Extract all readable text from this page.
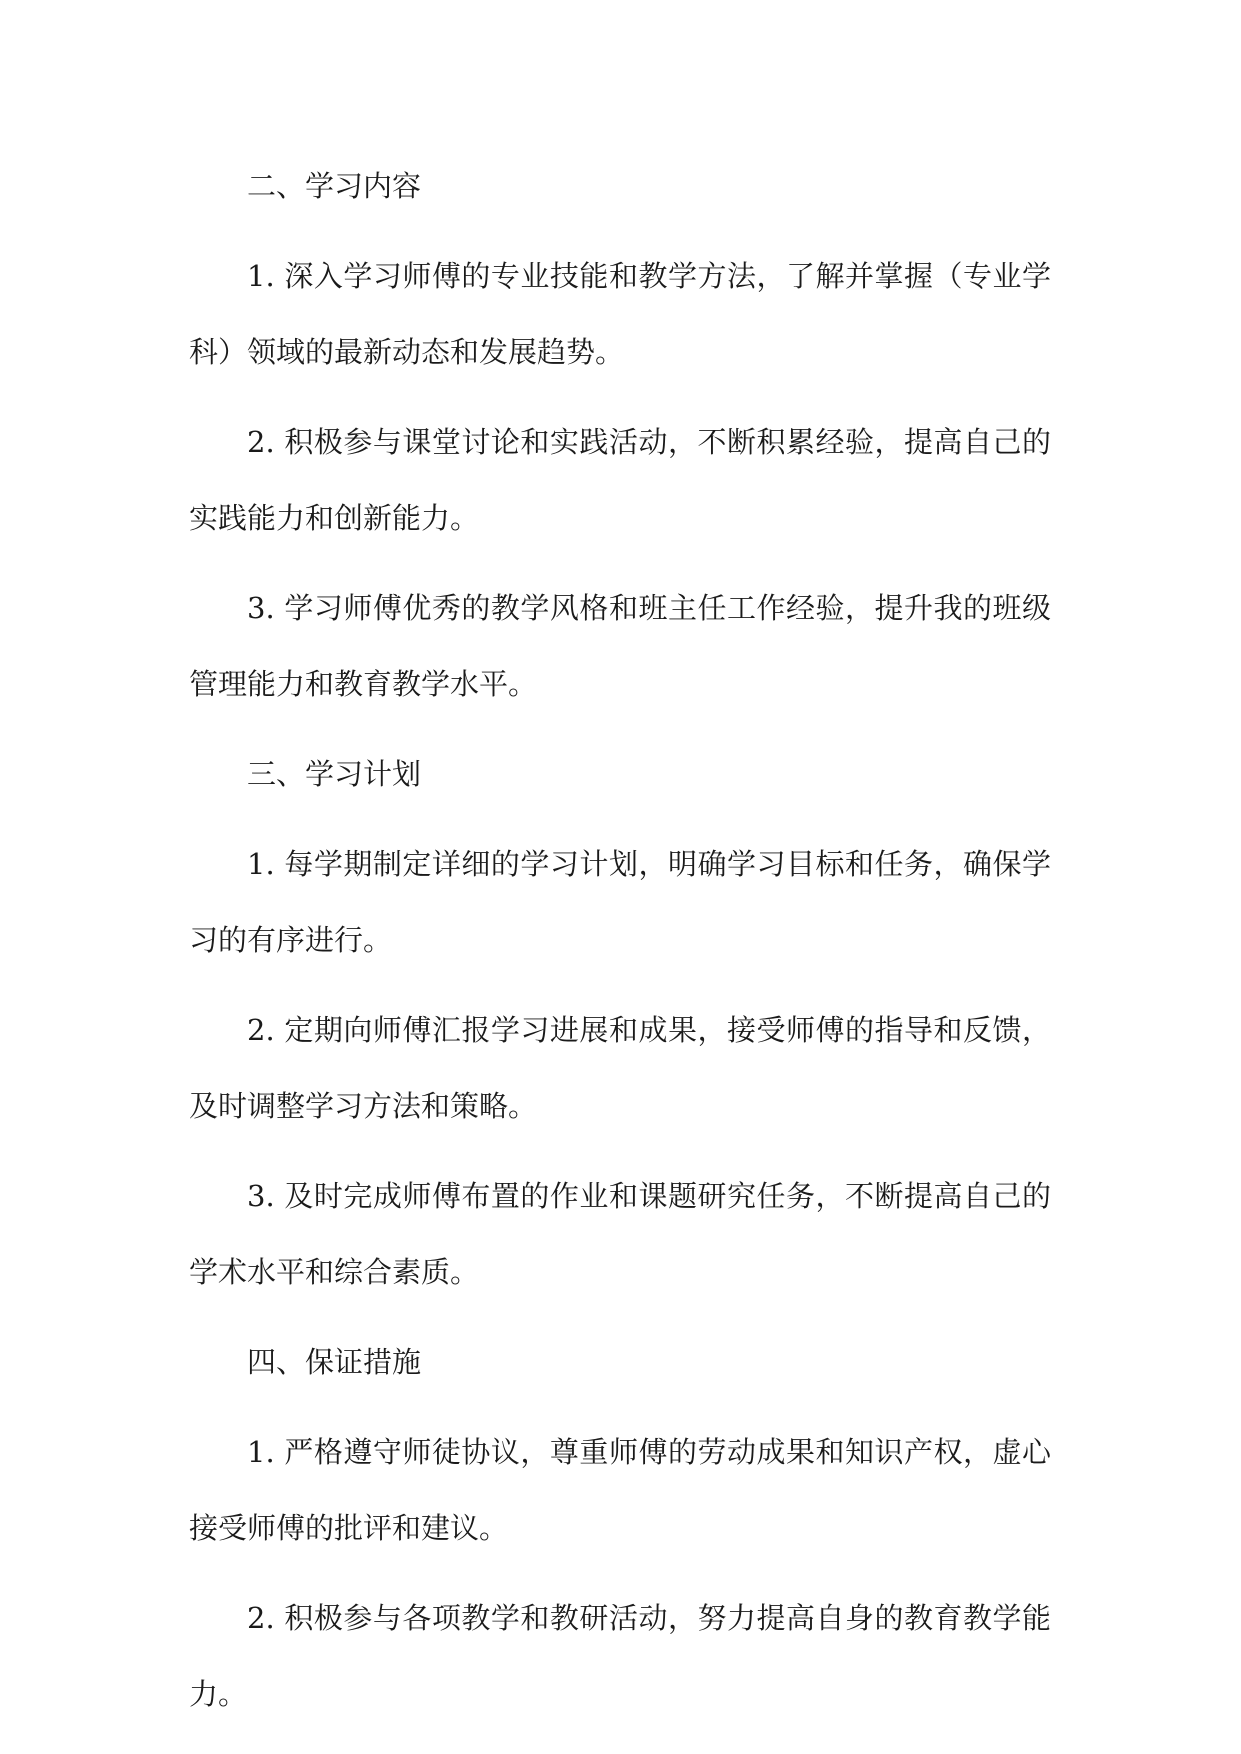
二、学习内容

1. 深入学习师傅的专业技能和教学方法，了解并掌握（专业学科）领域的最新动态和发展趋势。

2. 积极参与课堂讨论和实践活动，不断积累经验，提高自己的实践能力和创新能力。

3. 学习师傅优秀的教学风格和班主任工作经验，提升我的班级管理能力和教育教学水平。

三、学习计划

1. 每学期制定详细的学习计划，明确学习目标和任务，确保学习的有序进行。

2. 定期向师傅汇报学习进展和成果，接受师傅的指导和反馈，及时调整学习方法和策略。

3. 及时完成师傅布置的作业和课题研究任务，不断提高自己的学术水平和综合素质。

四、保证措施

1. 严格遵守师徒协议，尊重师傅的劳动成果和知识产权，虚心接受师傅的批评和建议。

2. 积极参与各项教学和教研活动，努力提高自身的教育教学能力。
